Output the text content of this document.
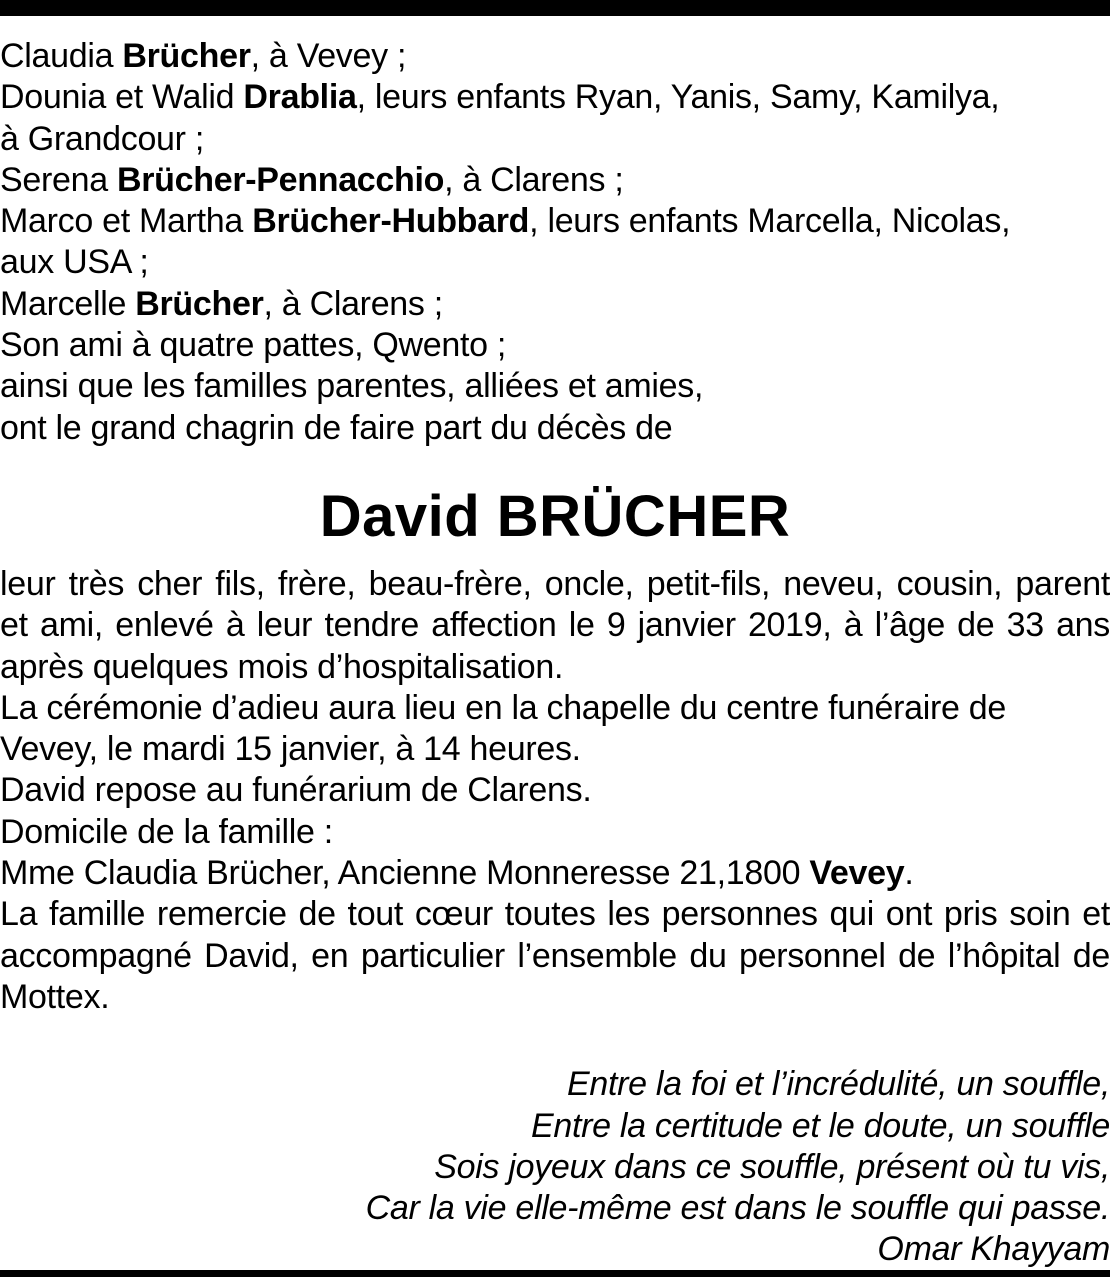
Claudia Brücher, à Vevey ;
Dounia et Walid Drablia, leurs enfants Ryan, Yanis, Samy, Kamilya,
à Grandcour ;
Serena Brücher-Pennacchio, à Clarens ;
Marco et Martha Brücher-Hubbard, leurs enfants Marcella, Nicolas,
aux USA ;
Marcelle Brücher, à Clarens ;
Son ami à quatre pattes, Qwento ;
ainsi que les familles parentes, alliées et amies,
ont le grand chagrin de faire part du décès de
David BRÜCHER
leur très cher fils, frère, beau-frère, oncle, petit-fils, neveu, cousin, parent
et ami, enlevé à leur tendre affection le 9 janvier 2019, à l’âge de 33 ans
après quelques mois d’hospitalisation.
La cérémonie d’adieu aura lieu en la chapelle du centre funéraire de
Vevey, le mardi 15 janvier, à 14 heures.
David repose au funérarium de Clarens.
Domicile de la famille :
Mme Claudia Brücher, Ancienne Monneresse 21,1800 Vevey.
La famille remercie de tout cœur toutes les personnes qui ont pris soin et
accompagné David, en particulier l’ensemble du personnel de l’hôpital de
Mottex.
Entre la foi et l’incrédulité, un souffle,
Entre la certitude et le doute, un souffle
Sois joyeux dans ce souffle, présent où tu vis,
Car la vie elle-même est dans le souffle qui passe.
Omar Khayyam
